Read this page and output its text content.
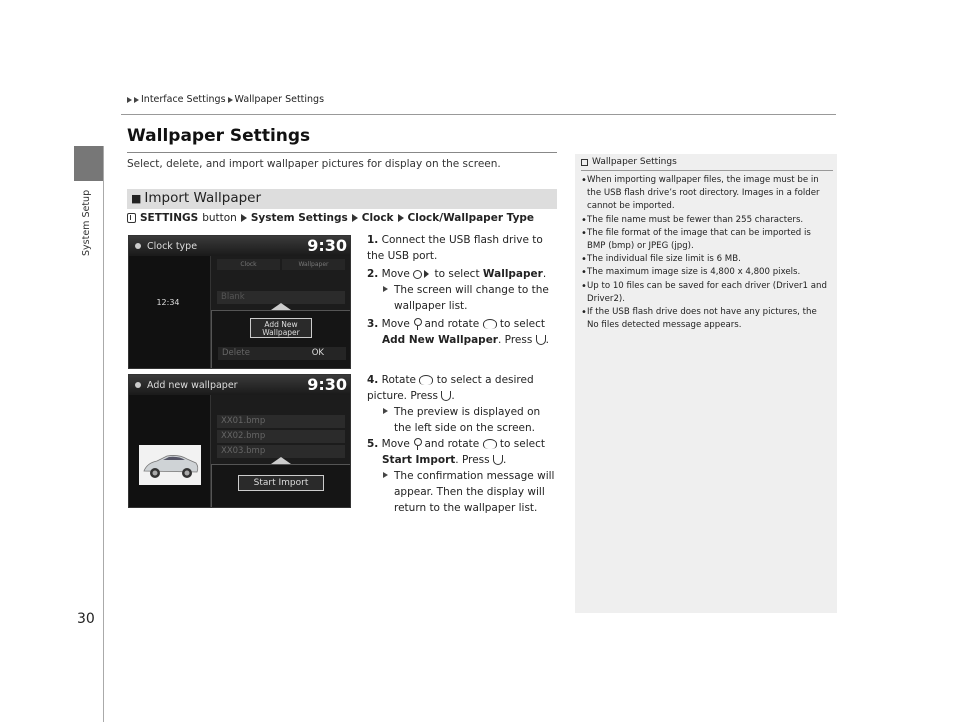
System Setup
Interface Settings Wallpaper Settings
Wallpaper Settings
Select, delete, and import wallpaper pictures for display on the screen.
■ Import Wallpaper
SETTINGS button System Settings Clock Clock/Wallpaper Type
Clock type	9:30
12:34

Clock	Wallpaper
Blank
Add New
Wallpaper
Delete	OK
Add new wallpaper	9:30
XX01.bmp
XX02.bmp
XX03.bmp
Start Import
1. Connect the USB flash drive to the USB port.
2. Move to select Wallpaper.
The screen will change to the wallpaper list.
3. Move and rotate to select
Add New Wallpaper. Press .
4. Rotate to select a desired picture. Press .
The preview is displayed on the left side on the screen.
5. Move and rotate to select
Start Import. Press .
The confirmation message will appear. Then the display will return to the wallpaper list.
Wallpaper Settings
• When importing wallpaper files, the image must be in the USB flash drive’s root directory. Images in a folder cannot be imported.
• The file name must be fewer than 255 characters.
• The file format of the image that can be imported is BMP (bmp) or JPEG (jpg).
• The individual file size limit is 6 MB.
• The maximum image size is 4,800 x 4,800 pixels.
• Up to 10 files can be saved for each driver (Driver1 and Driver2).
• If the USB flash drive does not have any pictures, the No files detected message appears.
30
